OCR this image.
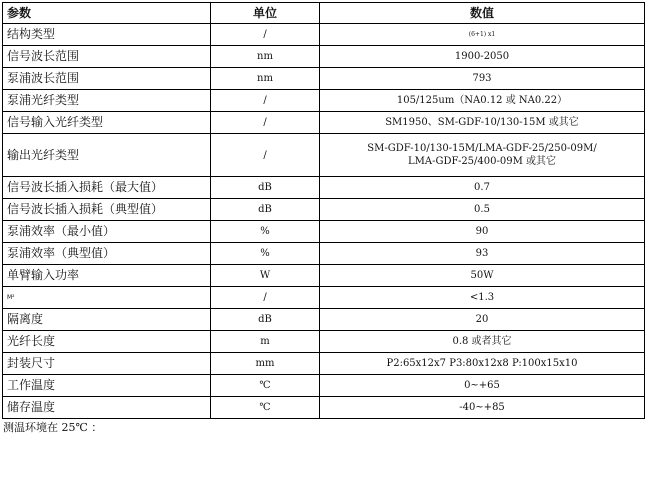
参数	单位	数值
结构类型	/	(6+1) x1
信号波长范围	nm	1900-2050
泵浦波长范围	nm	793
泵浦光纤类型	/	105/125um（NA0.12 或 NA0.22）
信号输入光纤类型	/	SM1950、SM-GDF-10/130-15M 或其它
输出光纤类型	/	SM-GDF-10/130-15M/LMA-GDF-25/250-09M/
LMA-GDF-25/400-09M 或其它

信号波长插入损耗（最大值）	dB	0.7
信号波长插入损耗（典型值）	dB	0.5
泵浦效率（最小值）	%	90
泵浦效率（典型值）	%	93
单臂输入功率	W	50W
M²	/	<1.3
隔离度	dB	20
光纤长度	m	0.8 或者其它
封装尺寸	mm	P2:65x12x7 P3:80x12x8 P:100x15x10
工作温度	℃	0~+65
储存温度	℃	-40~+85
测温环境在 25℃ ：
